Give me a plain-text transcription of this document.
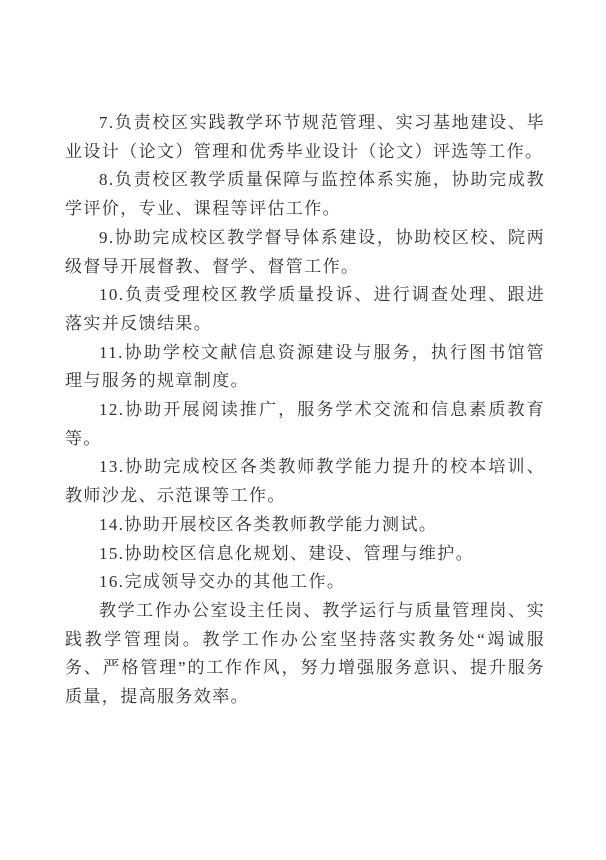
7.负责校区实践教学环节规范管理、实习基地建设、毕业设计（论文）管理和优秀毕业设计（论文）评选等工作。

8.负责校区教学质量保障与监控体系实施，协助完成教学评价，专业、课程等评估工作。

9.协助完成校区教学督导体系建设，协助校区校、院两级督导开展督教、督学、督管工作。

10.负责受理校区教学质量投诉、进行调查处理、跟进落实并反馈结果。

11.协助学校文献信息资源建设与服务，执行图书馆管理与服务的规章制度。

12.协助开展阅读推广，服务学术交流和信息素质教育等。

13.协助完成校区各类教师教学能力提升的校本培训、教师沙龙、示范课等工作。

14.协助开展校区各类教师教学能力测试。

15.协助校区信息化规划、建设、管理与维护。

16.完成领导交办的其他工作。

教学工作办公室设主任岗、教学运行与质量管理岗、实践教学管理岗。教学工作办公室坚持落实教务处“竭诚服务、严格管理”的工作作风，努力增强服务意识、提升服务质量，提高服务效率。
